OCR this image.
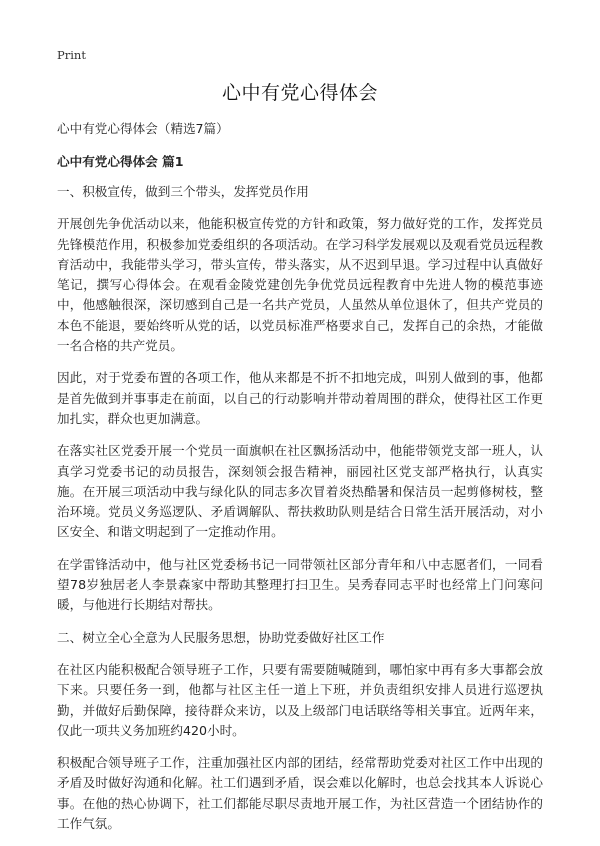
Print
心中有党心得体会
心中有党心得体会（精选7篇）
心中有党心得体会 篇1

一、积极宣传，做到三个带头，发挥党员作用

开展创先争优活动以来，他能积极宣传党的方针和政策，努力做好党的工作，发挥党员先锋模范作用，积极参加党委组织的各项活动。在学习科学发展观以及观看党员远程教育活动中，我能带头学习，带头宣传，带头落实，从不迟到早退。学习过程中认真做好笔记，撰写心得体会。在观看金陵党建创先争优党员远程教育中先进人物的模范事迹中，他感触很深，深切感到自己是一名共产党员，人虽然从单位退休了，但共产党员的本色不能退，要始终听从党的话，以党员标准严格要求自己，发挥自己的余热，才能做一名合格的共产党员。

因此，对于党委布置的各项工作，他从来都是不折不扣地完成，叫别人做到的事，他都是首先做到并事事走在前面，以自己的行动影响并带动着周围的群众，使得社区工作更加扎实，群众也更加满意。

在落实社区党委开展一个党员一面旗帜在社区飘扬活动中，他能带领党支部一班人，认真学习党委书记的动员报告，深刻领会报告精神，丽园社区党支部严格执行，认真实施。在开展三项活动中我与绿化队的同志多次冒着炎热酷暑和保洁员一起剪修树枝，整治环境。党员义务巡逻队、矛盾调解队、帮扶救助队则是结合日常生活开展活动，对小区安全、和谐文明起到了一定推动作用。

在学雷锋活动中，他与社区党委杨书记一同带领社区部分青年和八中志愿者们，一同看望78岁独居老人李景森家中帮助其整理打扫卫生。吴秀春同志平时也经常上门问寒问暖，与他进行长期结对帮扶。

二、树立全心全意为人民服务思想，协助党委做好社区工作

在社区内能积极配合领导班子工作，只要有需要随喊随到，哪怕家中再有多大事都会放下来。只要任务一到，他都与社区主任一道上下班，并负责组织安排人员进行巡逻执勤，并做好后勤保障，接待群众来访，以及上级部门电话联络等相关事宜。近两年来，仅此一项共义务加班约420小时。

积极配合领导班子工作，注重加强社区内部的团结，经常帮助党委对社区工作中出现的矛盾及时做好沟通和化解。社工们遇到矛盾，误会难以化解时，也总会找其本人诉说心事。在他的热心协调下，社工们都能尽职尽责地开展工作，为社区营造一个团结协作的工作气氛。
